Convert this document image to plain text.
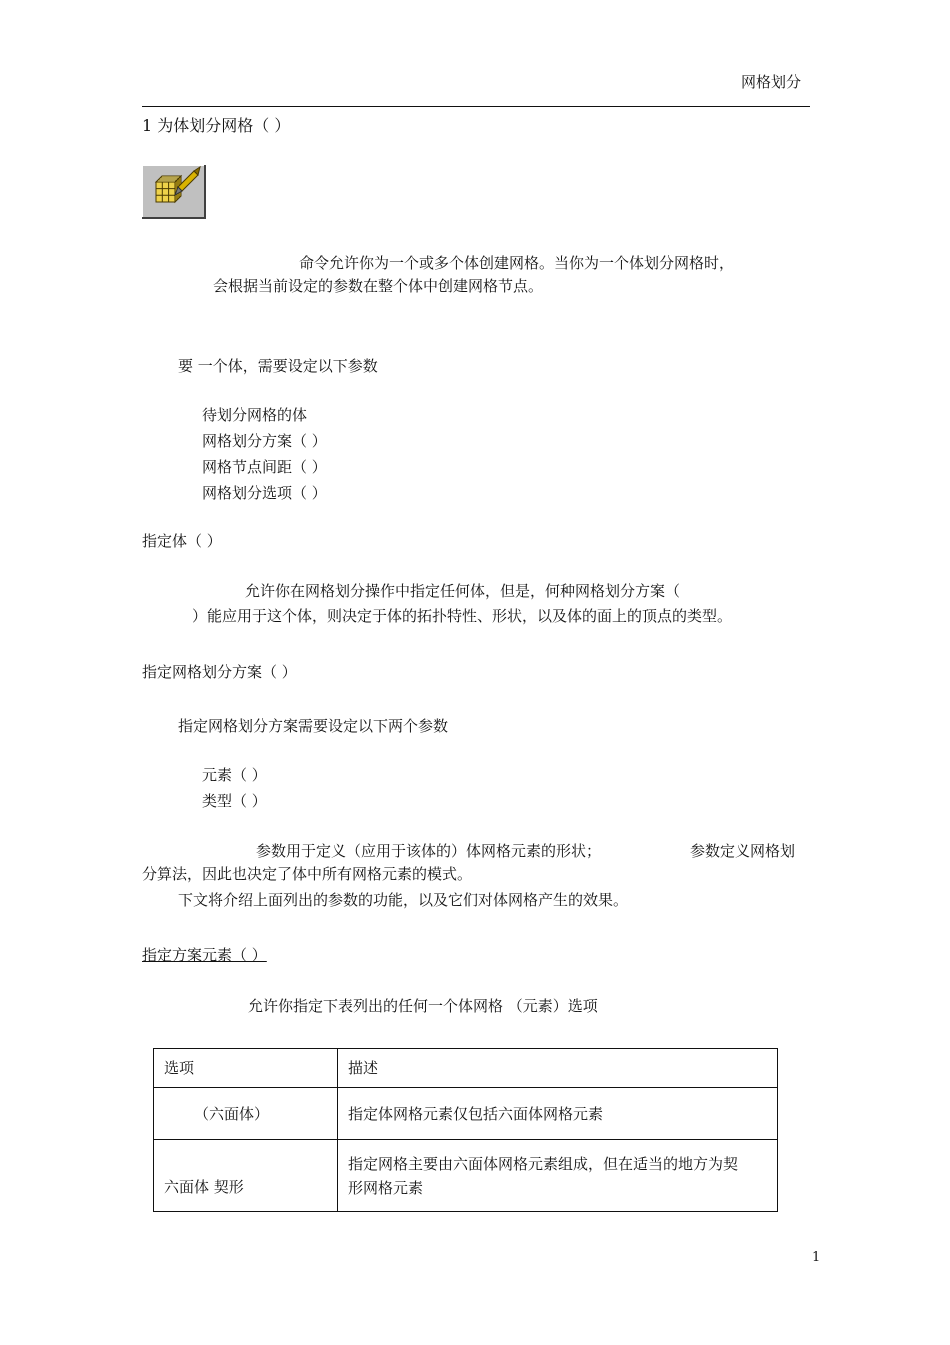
网格划分
1 为体划分网格（ ）
命令允许你为一个或多个体创建网格。当你为一个体划分网格时，
会根据当前设定的参数在整个体中创建网格节点。
要 一个体，需要设定以下参数
待划分网格的体
网格划分方案（ ）
网格节点间距（ ）
网格划分选项（ ）
指定体（ ）
允许你在网格划分操作中指定任何体，但是，何种网格划分方案（
）能应用于这个体，则决定于体的拓扑特性、形状，以及体的面上的顶点的类型。
指定网格划分方案（ ）
指定网格划分方案需要设定以下两个参数
元素（ ）
类型（ ）
参数用于定义（应用于该体的）体网格元素的形状；	参数定义网格划
分算法，因此也决定了体中所有网格元素的模式。
下文将介绍上面列出的参数的功能，以及它们对体网格产生的效果。
指定方案元素（ ）
允许你指定下表列出的任何一个体网格 （元素）选项
选项	描述
（六面体）	指定体网格元素仅包括六面体网格元素
六面体 契形	指定网格主要由六面体网格元素组成，但在适当的地方为契
形网格元素
1
